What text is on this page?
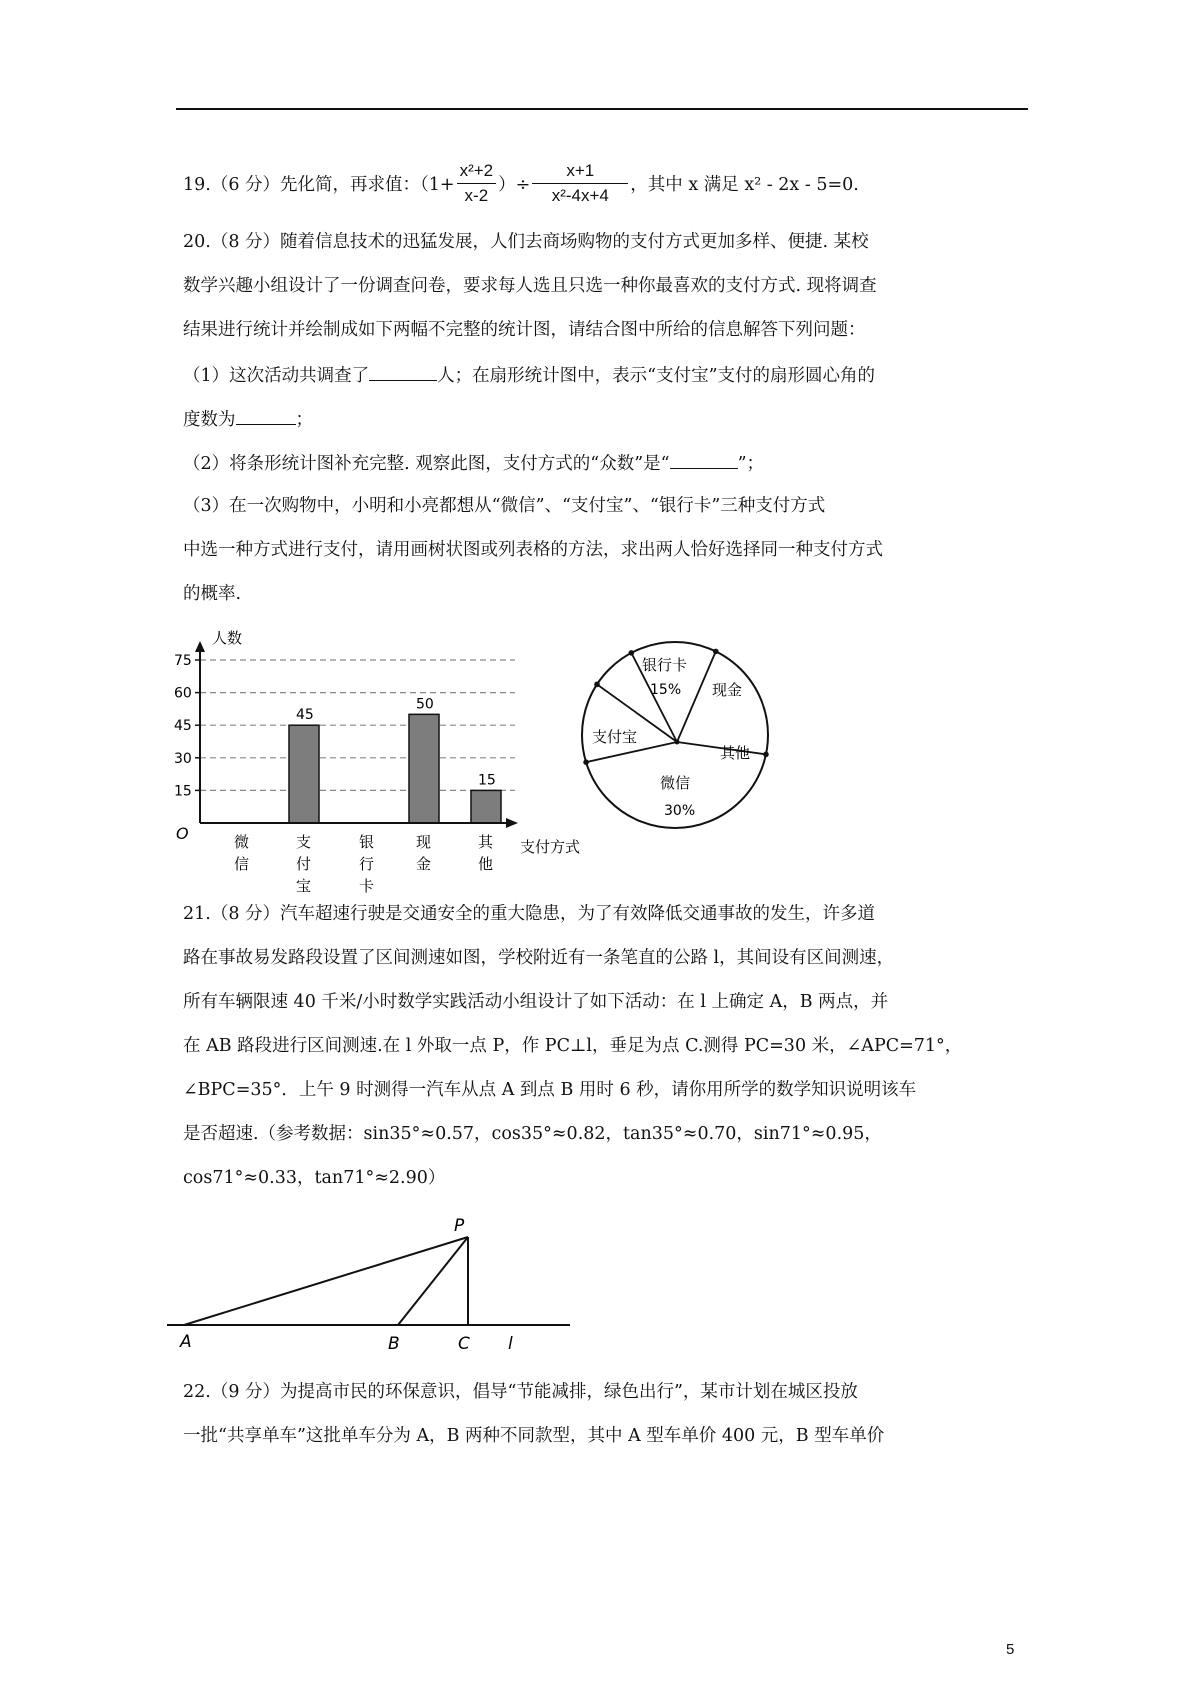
19.（6 分）先化简，再求值：（$1+ \frac{\text{x²+2}}{x-2}$ ）÷ $\frac{x+1}{\text{x²-4x+4}}$ ，其中 x 满足 x² - 2x - 5=0.
20.（8 分）随着信息技术的迅猛发展，人们去商场购物的支付方式更加多样、便捷. 某校
数学兴趣小组设计了一份调查问卷，要求每人选且只选一种你最喜欢的支付方式. 现将调查
结果进行统计并绘制成如下两幅不完整的统计图，请结合图中所给的信息解答下列问题：
（1）这次活动共调查了	人；在扇形统计图中，表示“支付宝”支付的扇形圆心角的
度数为	；
（2）将条形统计图补充完整. 观察此图，支付方式的“众数”是“	”；
（3）在一次购物中，小明和小亮都想从“微信”、“支付宝”、“银行卡”三种支付方式
中选一种方式进行支付，请用画树状图或列表格的方法，求出两人恰好选择同一种支付方式
的概率.
15
30
45
60
75
O
人数
支付方式
微
信
支
付
宝
45
银
行
卡
现
金
50
其
他
15
银行卡
15% 现金
其他
微信
30%
支付宝
21.（8 分）汽车超速行驶是交通安全的重大隐患，为了有效降低交通事故的发生，许多道
路在事故易发路段设置了区间测速如图，学校附近有一条笔直的公路 l，其间设有区间测速，
所有车辆限速 40 千米/小时数学实践活动小组设计了如下活动：在 l 上确定 A，B 两点，并
在 AB 路段进行区间测速.在 l 外取一点 P，作 PC⊥l，垂足为点 C.测得 PC=30 米，∠APC=71°，
∠BPC=35°．上午 9 时测得一汽车从点 A 到点 B 用时 6 秒，请你用所学的数学知识说明该车
是否超速.（参考数据：sin35°≈0.57，cos35°≈0.82，tan35°≈0.70，sin71°≈0.95，
cos71°≈0.33，tan71°≈2.90）
P
A	B	C l
22.（9 分）为提高市民的环保意识，倡导“节能减排，绿色出行”，某市计划在城区投放
一批“共享单车”这批单车分为 A，B 两种不同款型，其中 A 型车单价 400 元，B 型车单价
5
